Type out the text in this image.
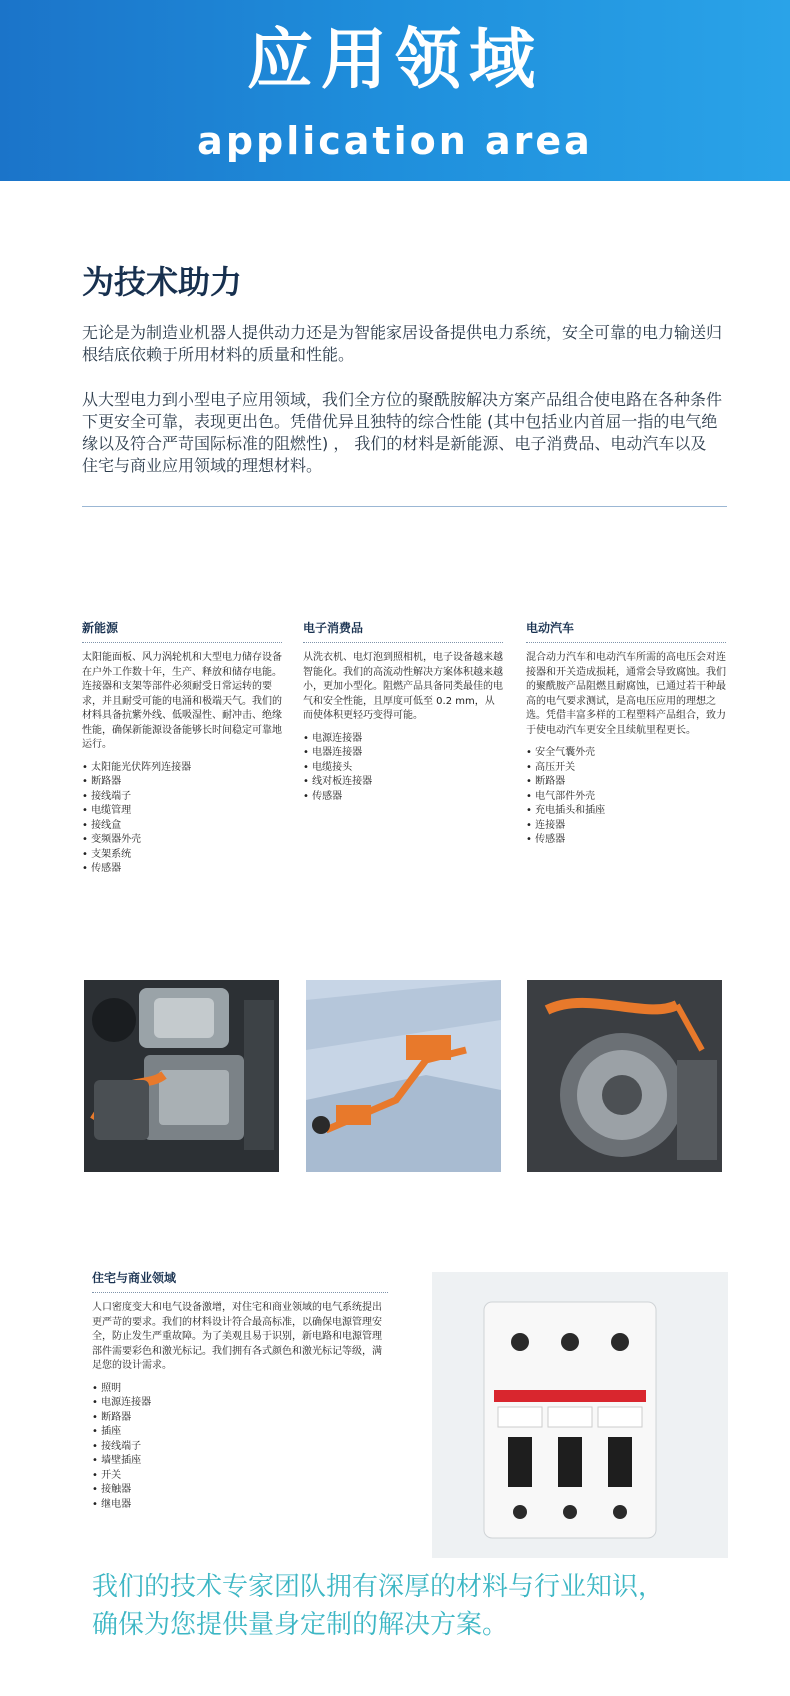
应用领域
application area
为技术助力
无论是为制造业机器人提供动力还是为智能家居设备提供电力系统，安全可靠的电力输送归根结底依赖于所用材料的质量和性能。
从大型电力到小型电子应用领域，我们全方位的聚酰胺解决方案产品组合使电路在各种条件下更安全可靠，表现更出色。凭借优异且独特的综合性能 (其中包括业内首屈一指的电气绝缘以及符合严苛国际标准的阻燃性) ， 我们的材料是新能源、电子消费品、电动汽车以及住宅与商业应用领域的理想材料。
新能源
太阳能面板、风力涡轮机和大型电力储存设备在户外工作数十年，生产、释放和储存电能。连接器和支架等部件必须耐受日常运转的要求，并且耐受可能的电涌和极端天气。我们的材料具备抗紫外线、低吸湿性、耐冲击、绝缘性能，确保新能源设备能够长时间稳定可靠地运行。
• 太阳能光伏阵列连接器
• 断路器
• 接线端子
• 电缆管理
• 接线盒
• 变频器外壳
• 支架系统
• 传感器
电子消费品
从洗衣机、电灯泡到照相机，电子设备越来越智能化。我们的高流动性解决方案体积越来越小，更加小型化。阻燃产品具备同类最佳的电气和安全性能，且厚度可低至 0.2 mm，从而使体积更轻巧变得可能。
• 电源连接器
• 电器连接器
• 电缆接头
• 线对板连接器
• 传感器
电动汽车
混合动力汽车和电动汽车所需的高电压会对连接器和开关造成损耗，通常会导致腐蚀。我们的聚酰胺产品阻燃且耐腐蚀，已通过若干种最高的电气要求测试，是高电压应用的理想之选。凭借丰富多样的工程塑料产品组合，致力于使电动汽车更安全且续航里程更长。
• 安全气囊外壳
• 高压开关
• 断路器
• 电气部件外壳
• 充电插头和插座
• 连接器
• 传感器
住宅与商业领域
人口密度变大和电气设备激增，对住宅和商业领域的电气系统提出更严苛的要求。我们的材料设计符合最高标准，以确保电源管理安全，防止发生严重故障。为了美观且易于识别，新电路和电源管理部件需要彩色和激光标记。我们拥有各式颜色和激光标记等级，满足您的设计需求。
• 照明
• 电源连接器
• 断路器
• 插座
• 接线端子
• 墙壁插座
• 开关
• 接触器
• 继电器
我们的技术专家团队拥有深厚的材料与行业知识，
确保为您提供量身定制的解决方案。
